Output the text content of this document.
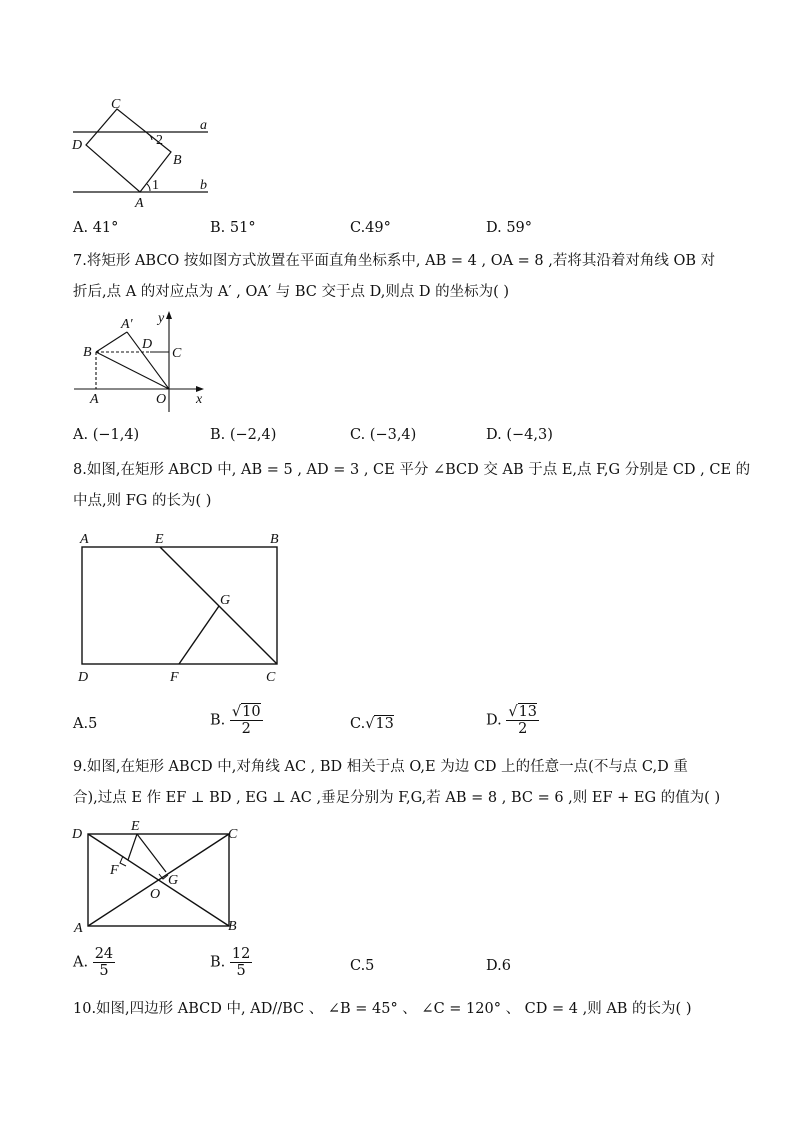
C
D
B
A
a
b
1
2
A. 41°	B. 51°	C.49°	D. 59°
7.将矩形 ABCO 按如图方式放置在平面直角坐标系中, AB = 4 , OA = 8 ,若将其沿着对角线 OB 对
折后,点 A 的对应点为 A′ , OA′ 与 BC 交于点 D,则点 D 的坐标为( )
A′ y
B
D
C
A	O x
A. (−1,4)	B. (−2,4)	C. (−3,4)	D. (−4,3)
8.如图,在矩形 ABCD 中, AB = 5 , AD = 3 , CE 平分 ∠BCD 交 AB 于点 E,点 F,G 分别是 CD , CE 的
中点,则 FG 的长为( )
A	E	B
G
D	F	C
A.5	B. $\frac{√10}{2}$	C.√13	D. $\frac{√13}{2}$
9.如图,在矩形 ABCD 中,对角线 AC , BD 相关于点 O,E 为边 CD 上的任意一点(不与点 C,D 重
合),过点 E 作 EF ⊥ BD , EG ⊥ AC ,垂足分别为 F,G,若 AB = 8 , BC = 6 ,则 EF + EG 的值为( )
D
E
C
F
O
G
A	B
A. $\frac{24}{5}$	B. $\frac{12}{5}$	C.5	D.6
10.如图,四边形 ABCD 中, AD//BC 、 ∠B = 45° 、 ∠C = 120° 、 CD = 4 ,则 AB 的长为( )
